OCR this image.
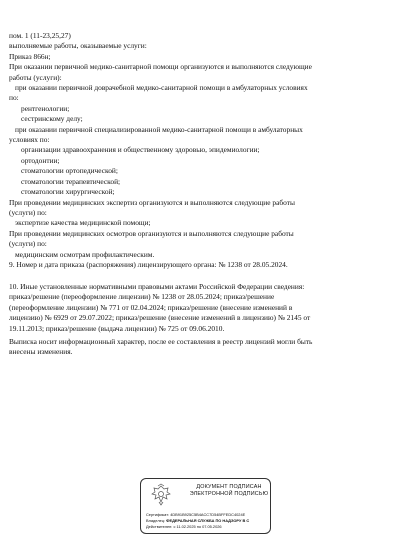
пом. 1 (11-23,25,27)
выполняемые работы, оказываемые услуги:
Приказ 866н;
При оказании первичной медико-санитарной помощи организуются и выполняются следующие
работы (услуги):
при оказании первичной доврачебной медико-санитарной помощи в амбулаторных условиях
по:
рентгенологии;
сестринскому делу;
при оказании первичной специализированной медико-санитарной помощи в амбулаторных
условиях по:
организации здравоохранения и общественному здоровью, эпидемиологии;
ортодонтии;
стоматологии ортопедической;
стоматологии терапевтической;
стоматологии хирургической;
При проведении медицинских экспертиз организуются и выполняются следующие работы
(услуги) по:
экспертизе качества медицинской помощи;
При проведении медицинских осмотров организуются и выполняются следующие работы
(услуги) по:
медицинским осмотрам профилактическим.
9. Номер и дата приказа (распоряжения) лицензирующего органа: № 1238 от 28.05.2024.
10. Иные установленные нормативными правовыми актами Российской Федерации сведения:
приказ/решение (переоформление лицензии) № 1238 от 28.05.2024; приказ/решение
(переоформление лицензии) № 771 от 02.04.2024; приказ/решение (внесение изменений в
лицензию) № 6929 от 29.07.2022; приказ/решение (внесение изменений в лицензию) № 2145 от
19.11.2013; приказ/решение (выдача лицензии) № 725 от 09.06.2010.
Выписка носит информационный характер, после ее составления в реестр лицензий могли быть
внесены изменения.
ДОКУМЕНТ ПОДПИСАН
ЭЛЕКТРОННОЙ ПОДПИСЬЮ
Сертификат: 4DB91B925C5B4ACC7D54BFFEDC4024E
Владелец: ФЕДЕРАЛЬНАЯ СЛУЖБА ПО НАДЗОРУ В С
Действителен: с 11.02.2025 по 07.05.2026
